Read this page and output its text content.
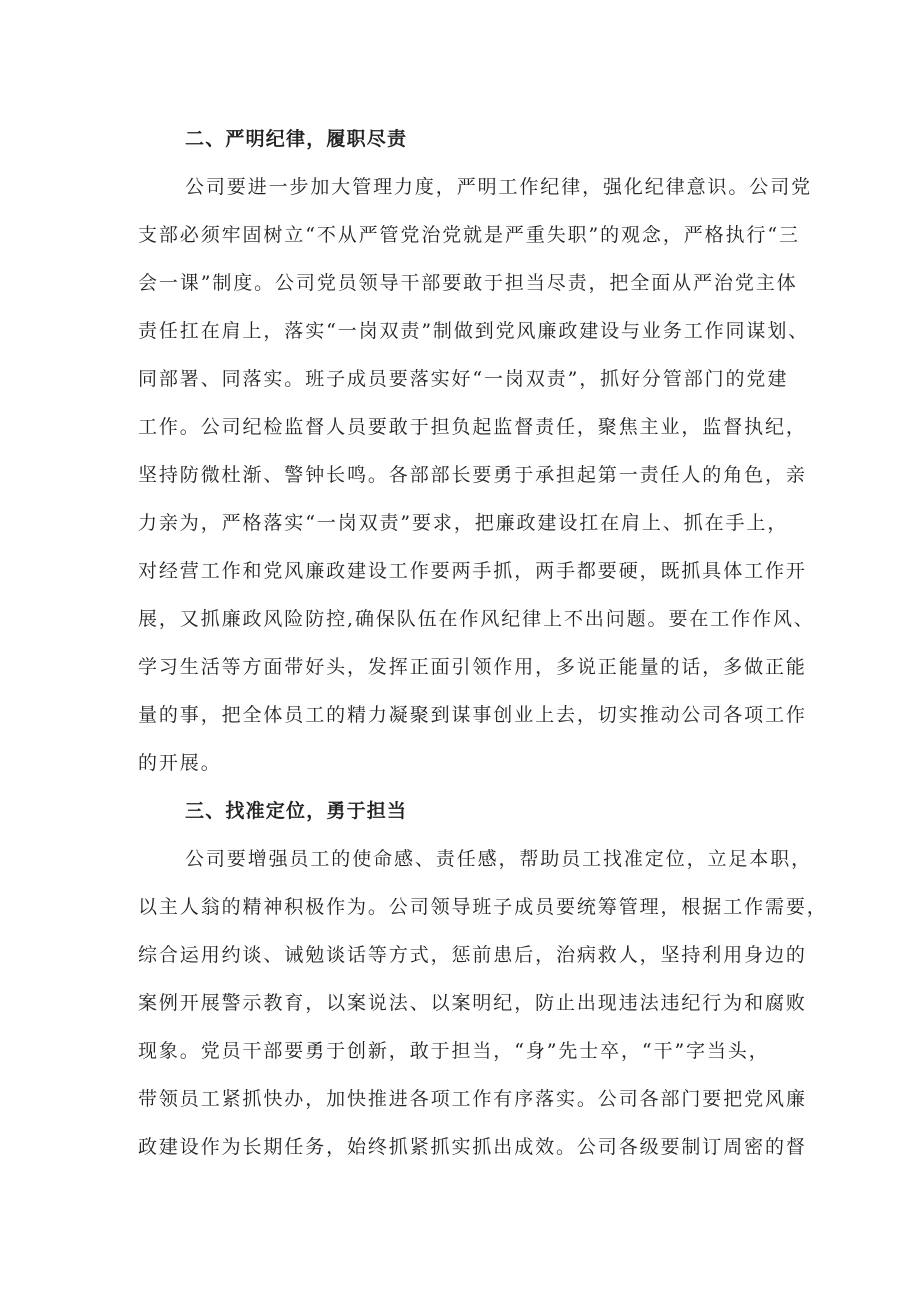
二、严明纪律，履职尽责

公司要进一步加大管理力度，严明工作纪律，强化纪律意识。公司党

支部必须牢固树立“不从严管党治党就是严重失职”的观念，严格执行“三

会一课”制度。公司党员领导干部要敢于担当尽责，把全面从严治党主体

责任扛在肩上，落实“一岗双责”制做到党风廉政建设与业务工作同谋划、

同部署、同落实。班子成员要落实好“一岗双责”，抓好分管部门的党建

工作。公司纪检监督人员要敢于担负起监督责任，聚焦主业，监督执纪，

坚持防微杜渐、警钟长鸣。各部部长要勇于承担起第一责任人的角色，亲

力亲为，严格落实“一岗双责”要求，把廉政建设扛在肩上、抓在手上，

对经营工作和党风廉政建设工作要两手抓，两手都要硬，既抓具体工作开

展，又抓廉政风险防控,确保队伍在作风纪律上不出问题。要在工作作风、

学习生活等方面带好头，发挥正面引领作用，多说正能量的话，多做正能

量的事，把全体员工的精力凝聚到谋事创业上去，切实推动公司各项工作

的开展。

三、找准定位，勇于担当

公司要增强员工的使命感、责任感，帮助员工找准定位，立足本职，

以主人翁的精神积极作为。公司领导班子成员要统筹管理，根据工作需要，

综合运用约谈、诫勉谈话等方式，惩前患后，治病救人，坚持利用身边的

案例开展警示教育，以案说法、以案明纪，防止出现违法违纪行为和腐败

现象。党员干部要勇于创新，敢于担当，“身”先士卒，“干”字当头，

带领员工紧抓快办，加快推进各项工作有序落实。公司各部门要把党风廉

政建设作为长期任务，始终抓紧抓实抓出成效。公司各级要制订周密的督
